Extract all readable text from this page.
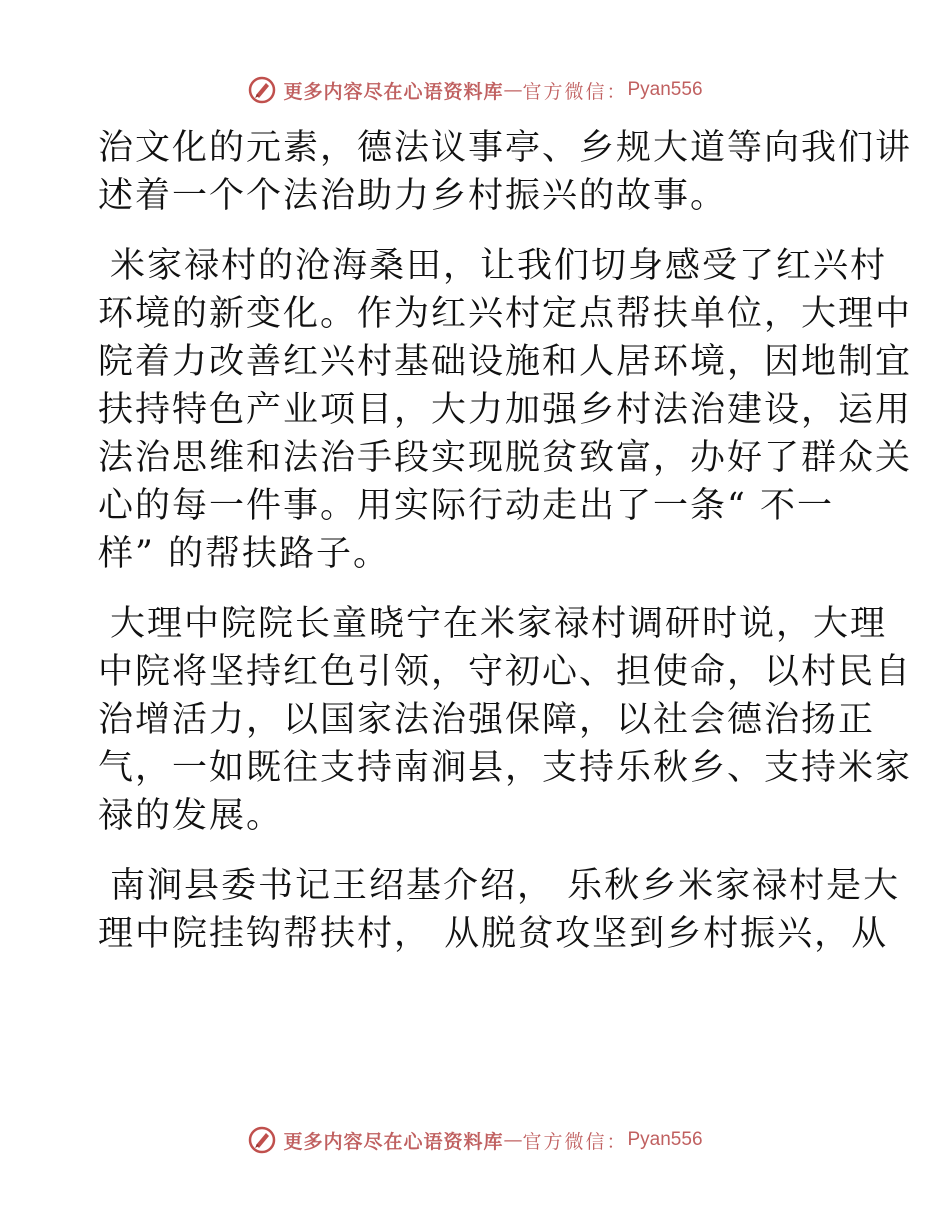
更多内容尽在心语资料库 — 官方微信： Pyan556
治文化的元素，德法议事亭、乡规大道等向我们讲
述着一个个法治助力乡村振兴的故事。
米家禄村的沧海桑田，让我们切身感受了红兴村
环境的新变化。作为红兴村定点帮扶单位，大理中
院着力改善红兴村基础设施和人居环境，因地制宜
扶持特色产业项目，大力加强乡村法治建设，运用
法治思维和法治手段实现脱贫致富，办好了群众关
心的每一件事。用实际行动走出了一条“ 不一
样” 的帮扶路子。
大理中院院长童晓宁在米家禄村调研时说，大理
中院将坚持红色引领，守初心、担使命，以村民自
治增活力，以国家法治强保障，以社会德治扬正
气，一如既往支持南涧县，支持乐秋乡、支持米家
禄的发展。
南涧县委书记王绍基介绍， 乐秋乡米家禄村是大
理中院挂钩帮扶村， 从脱贫攻坚到乡村振兴，从
更多内容尽在心语资料库 — 官方微信： Pyan556
